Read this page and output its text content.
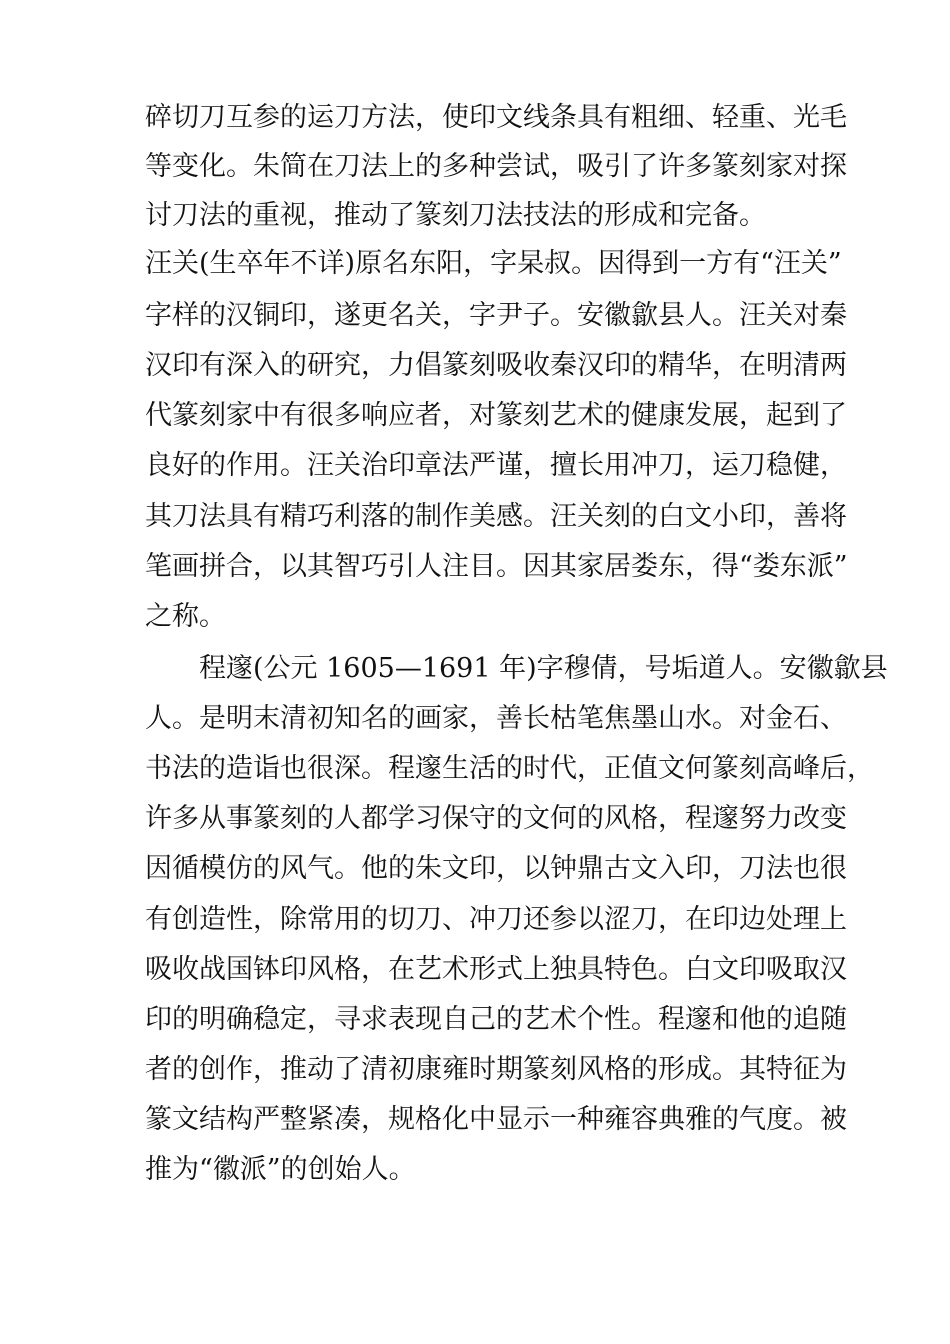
碎切刀互参的运刀方法，使印文线条具有粗细、轻重、光毛
等变化。朱简在刀法上的多种尝试，吸引了许多篆刻家对探
讨刀法的重视，推动了篆刻刀法技法的形成和完备。
汪关(生卒年不详)原名东阳，字杲叔。因得到一方有“汪关”
字样的汉铜印，遂更名关，字尹子。安徽歙县人。汪关对秦
汉印有深入的研究，力倡篆刻吸收秦汉印的精华，在明清两
代篆刻家中有很多响应者，对篆刻艺术的健康发展，起到了
良好的作用。汪关治印章法严谨，擅长用冲刀，运刀稳健，
其刀法具有精巧利落的制作美感。汪关刻的白文小印，善将
笔画拼合，以其智巧引人注目。因其家居娄东，得“娄东派”
之称。
程邃(公元 1605—1691 年)字穆倩，号垢道人。安徽歙县
人。是明末清初知名的画家，善长枯笔焦墨山水。对金石、
书法的造诣也很深。程邃生活的时代，正值文何篆刻高峰后，
许多从事篆刻的人都学习保守的文何的风格，程邃努力改变
因循模仿的风气。他的朱文印，以钟鼎古文入印，刀法也很
有创造性，除常用的切刀、冲刀还参以涩刀，在印边处理上
吸收战国钵印风格，在艺术形式上独具特色。白文印吸取汉
印的明确稳定，寻求表现自己的艺术个性。程邃和他的追随
者的创作，推动了清初康雍时期篆刻风格的形成。其特征为
篆文结构严整紧凑，规格化中显示一种雍容典雅的气度。被
推为“徽派”的创始人。
